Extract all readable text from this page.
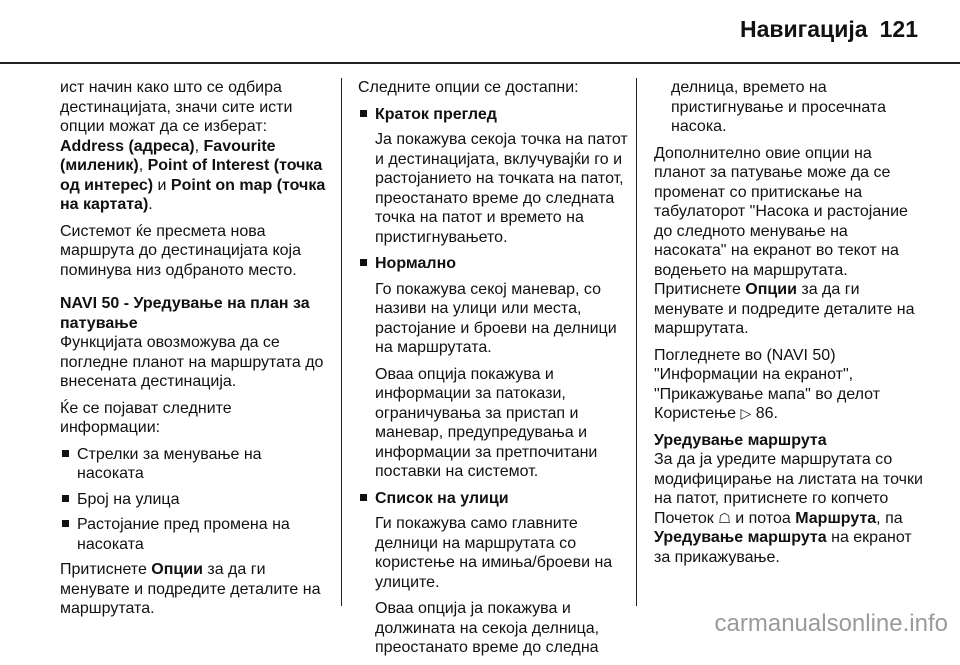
Навигација 121

ист начин како што се одбира дестинацијата, значи сите исти опции можат да се изберат: Address (адреса), Favourite (миленик), Point of Interest (точка од интерес) и Point on map (точка на картата).

Системот ќе пресмета нова маршрута до дестинацијата која поминува низ одбраното место.

NAVI 50 - Уредување на план за патување

Функцијата овозможува да се погледне планот на маршрутата до внесената дестинација.

Ќе се појават следните информации:

Стрелки за менување на насоката
Број на улица
Растојание пред промена на насоката

Притиснете Опции за да ги менувате и подредите деталите на маршрутата.

Следните опции се достапни:

Краток преглед

Ја покажува секоја точка на патот и дестинацијата, вклучувајќи го и растојанието на точката на патот, преостанато време до следната точка на патот и времето на пристигнувањето.

Нормално

Го покажува секој маневар, со називи на улици или места, растојание и броеви на делници на маршрутата.

Оваа опција покажува и информации за патокази, ограничувања за пристап и маневар, предупредувања и информации за претпочитани поставки на системот.

Список на улици

Ги покажува само главните делници на маршрутата со користење на имињa/броеви на улиците.

Оваа опција ја покажува и должината на секоја делница, преостанато време до следна

делница, времето на пристигнување и просечната насока.

Дополнително овие опции на планот за патување може да се променат со притискање на табулаторот "Насока и растојание до следното менување на насоката" на екранот во текот на водењето на маршрутата.

Притиснете Опции за да ги менувате и подредите деталите на маршрутата.

Погледнете во (NAVI 50) "Информации на екранот", "Прикажување мапа" во делот Користење ▷ 86.

Уредување маршрута

За да ја уредите маршрутата со модифицирање на листата на точки на патот, притиснете го копчето Почеток ☖ и потоа Маршрута, па Уредување маршрута на екранот за прикажување.

carmanualsonline.info
